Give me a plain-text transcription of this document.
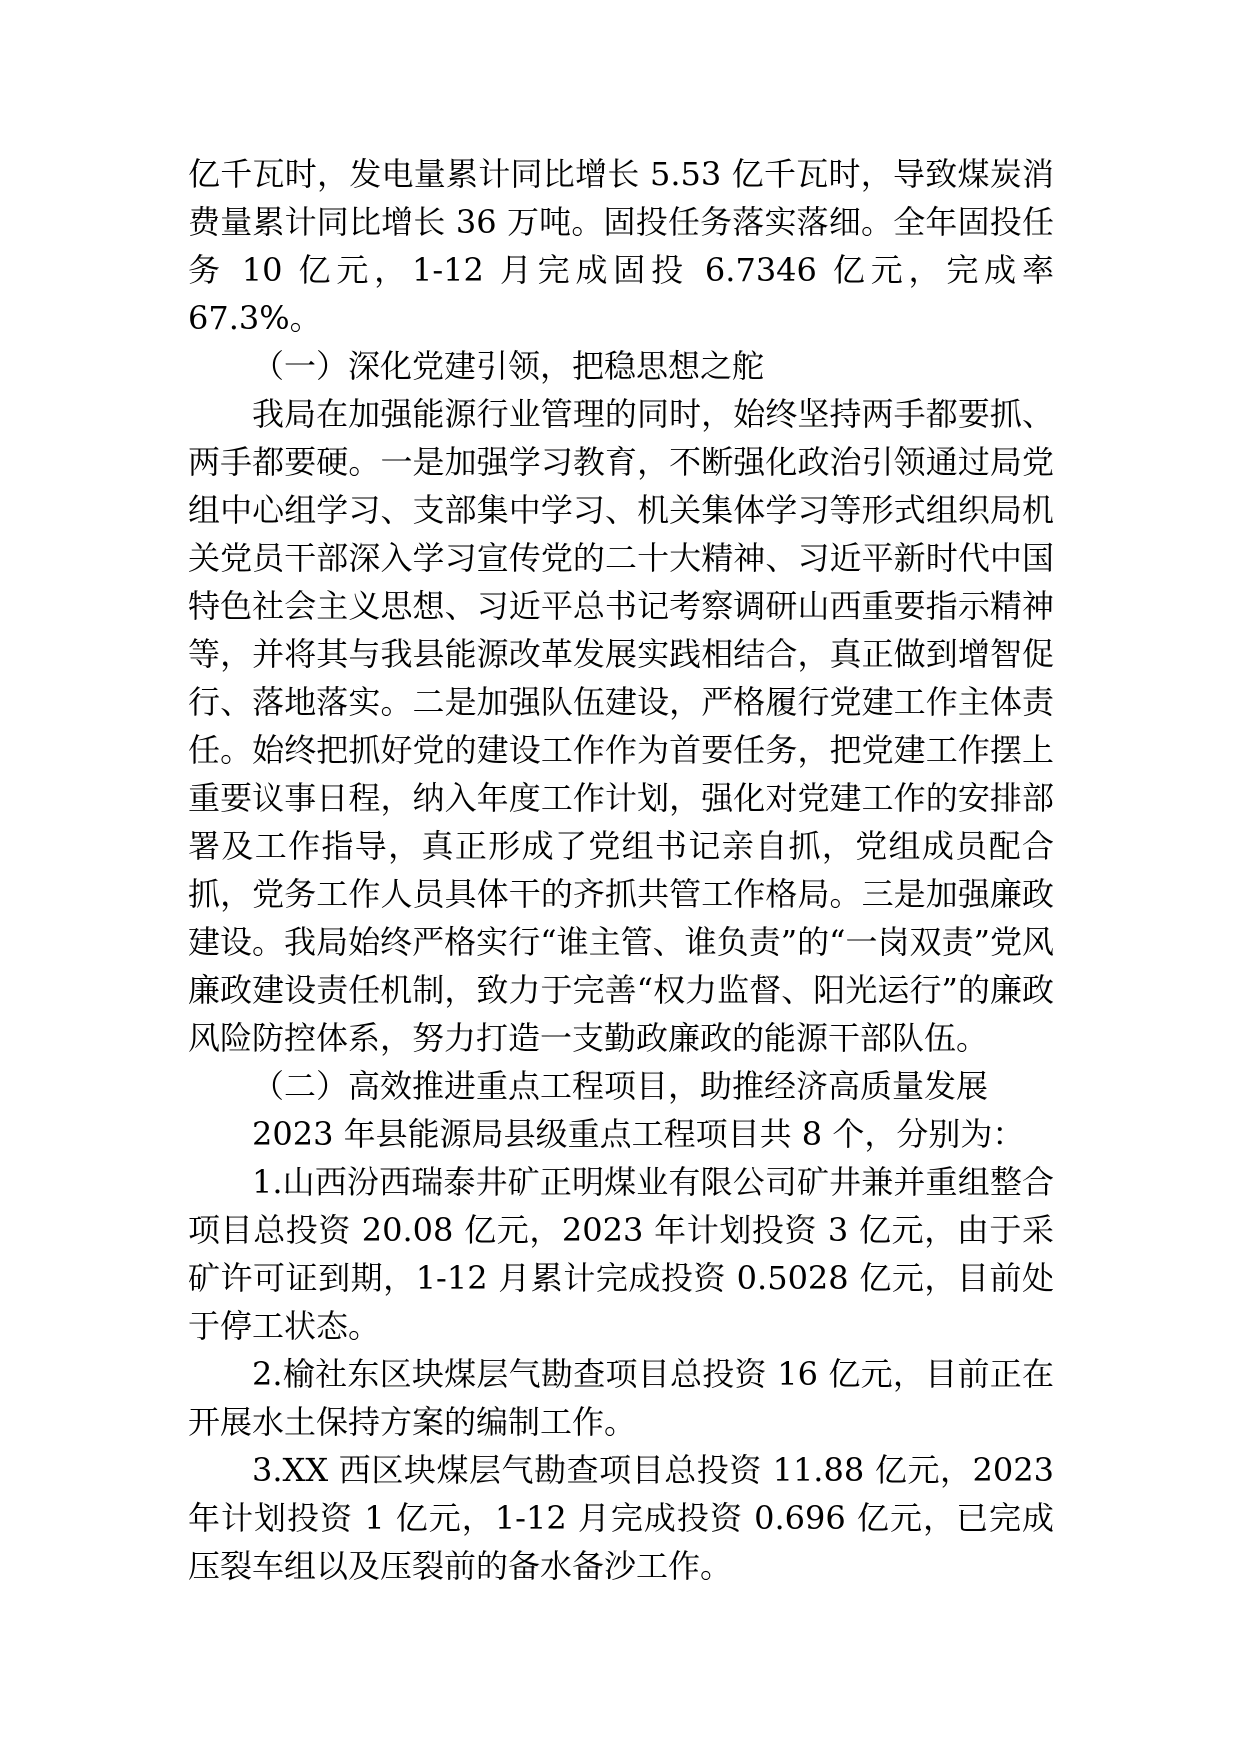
亿千瓦时，发电量累计同比增长 5.53 亿千瓦时，导致煤炭消费量累计同比增长 36 万吨。固投任务落实落细。全年固投任务 10 亿元，1-12 月完成固投 6.7346 亿元，完成率67.3%。

（一）深化党建引领，把稳思想之舵

我局在加强能源行业管理的同时，始终坚持两手都要抓、两手都要硬。一是加强学习教育，不断强化政治引领通过局党组中心组学习、支部集中学习、机关集体学习等形式组织局机关党员干部深入学习宣传党的二十大精神、习近平新时代中国特色社会主义思想、习近平总书记考察调研山西重要指示精神等，并将其与我县能源改革发展实践相结合，真正做到增智促行、落地落实。二是加强队伍建设，严格履行党建工作主体责任。始终把抓好党的建设工作作为首要任务，把党建工作摆上重要议事日程，纳入年度工作计划，强化对党建工作的安排部署及工作指导，真正形成了党组书记亲自抓，党组成员配合抓，党务工作人员具体干的齐抓共管工作格局。三是加强廉政建设。我局始终严格实行“谁主管、谁负责”的“一岗双责”党风廉政建设责任机制，致力于完善“权力监督、阳光运行”的廉政风险防控体系，努力打造一支勤政廉政的能源干部队伍。

（二）高效推进重点工程项目，助推经济高质量发展

2023 年县能源局县级重点工程项目共 8 个，分别为：

1.山西汾西瑞泰井矿正明煤业有限公司矿井兼并重组整合项目总投资 20.08 亿元，2023 年计划投资 3 亿元，由于采矿许可证到期，1-12 月累计完成投资 0.5028 亿元，目前处于停工状态。

2.榆社东区块煤层气勘查项目总投资 16 亿元，目前正在开展水土保持方案的编制工作。

3.XX 西区块煤层气勘查项目总投资 11.88 亿元，2023年计划投资 1 亿元，1-12 月完成投资 0.696 亿元，已完成压裂车组以及压裂前的备水备沙工作。
